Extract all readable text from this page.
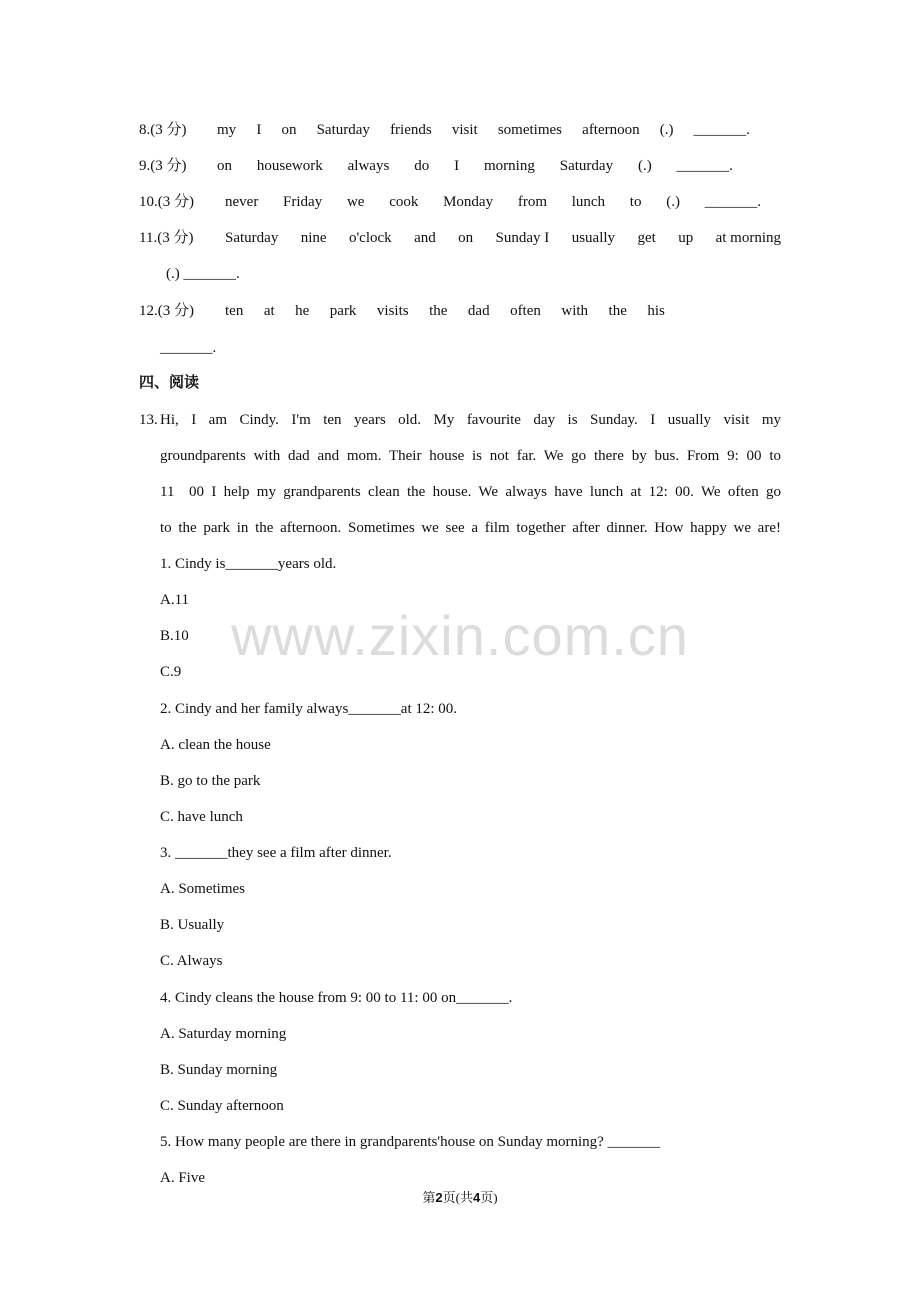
8.(3 分) my I on Saturday friends visit sometimes afternoon (.) _______.
9.(3 分) on housework always do I morning Saturday (.) _______.
10.(3 分) never Friday we cook Monday from lunch to (.) _______.
11.(3 分) Saturday nine o'clock and on Sunday I usually get up at morning
(.) _______.
12.(3 分) ten at he park visits the dad often with the his
_______.
四、阅读
13. Hi, I am Cindy. I'm ten years old. My favourite day is Sunday. I usually visit my
groundparents with dad and mom. Their house is not far. We go there by bus. From 9: 00 to
11  00 I help my grandparents clean the house. We always have lunch at 12: 00. We often go
to the park in the afternoon. Sometimes we see a film together after dinner. How happy we are!
1. Cindy is_______years old.
A.11
B.10
C.9
2. Cindy and her family always_______at 12: 00.
A. clean the house
B. go to the park
C. have lunch
3. _______they see a film after dinner.
A. Sometimes
B. Usually
C. Always
4. Cindy cleans the house from 9: 00 to 11: 00 on_______.
A. Saturday morning
B. Sunday morning
C. Sunday afternoon
5. How many people are there in grandparents'house on Sunday morning? _______
A. Five
www.zixin.com.cn
第2页(共4页)
